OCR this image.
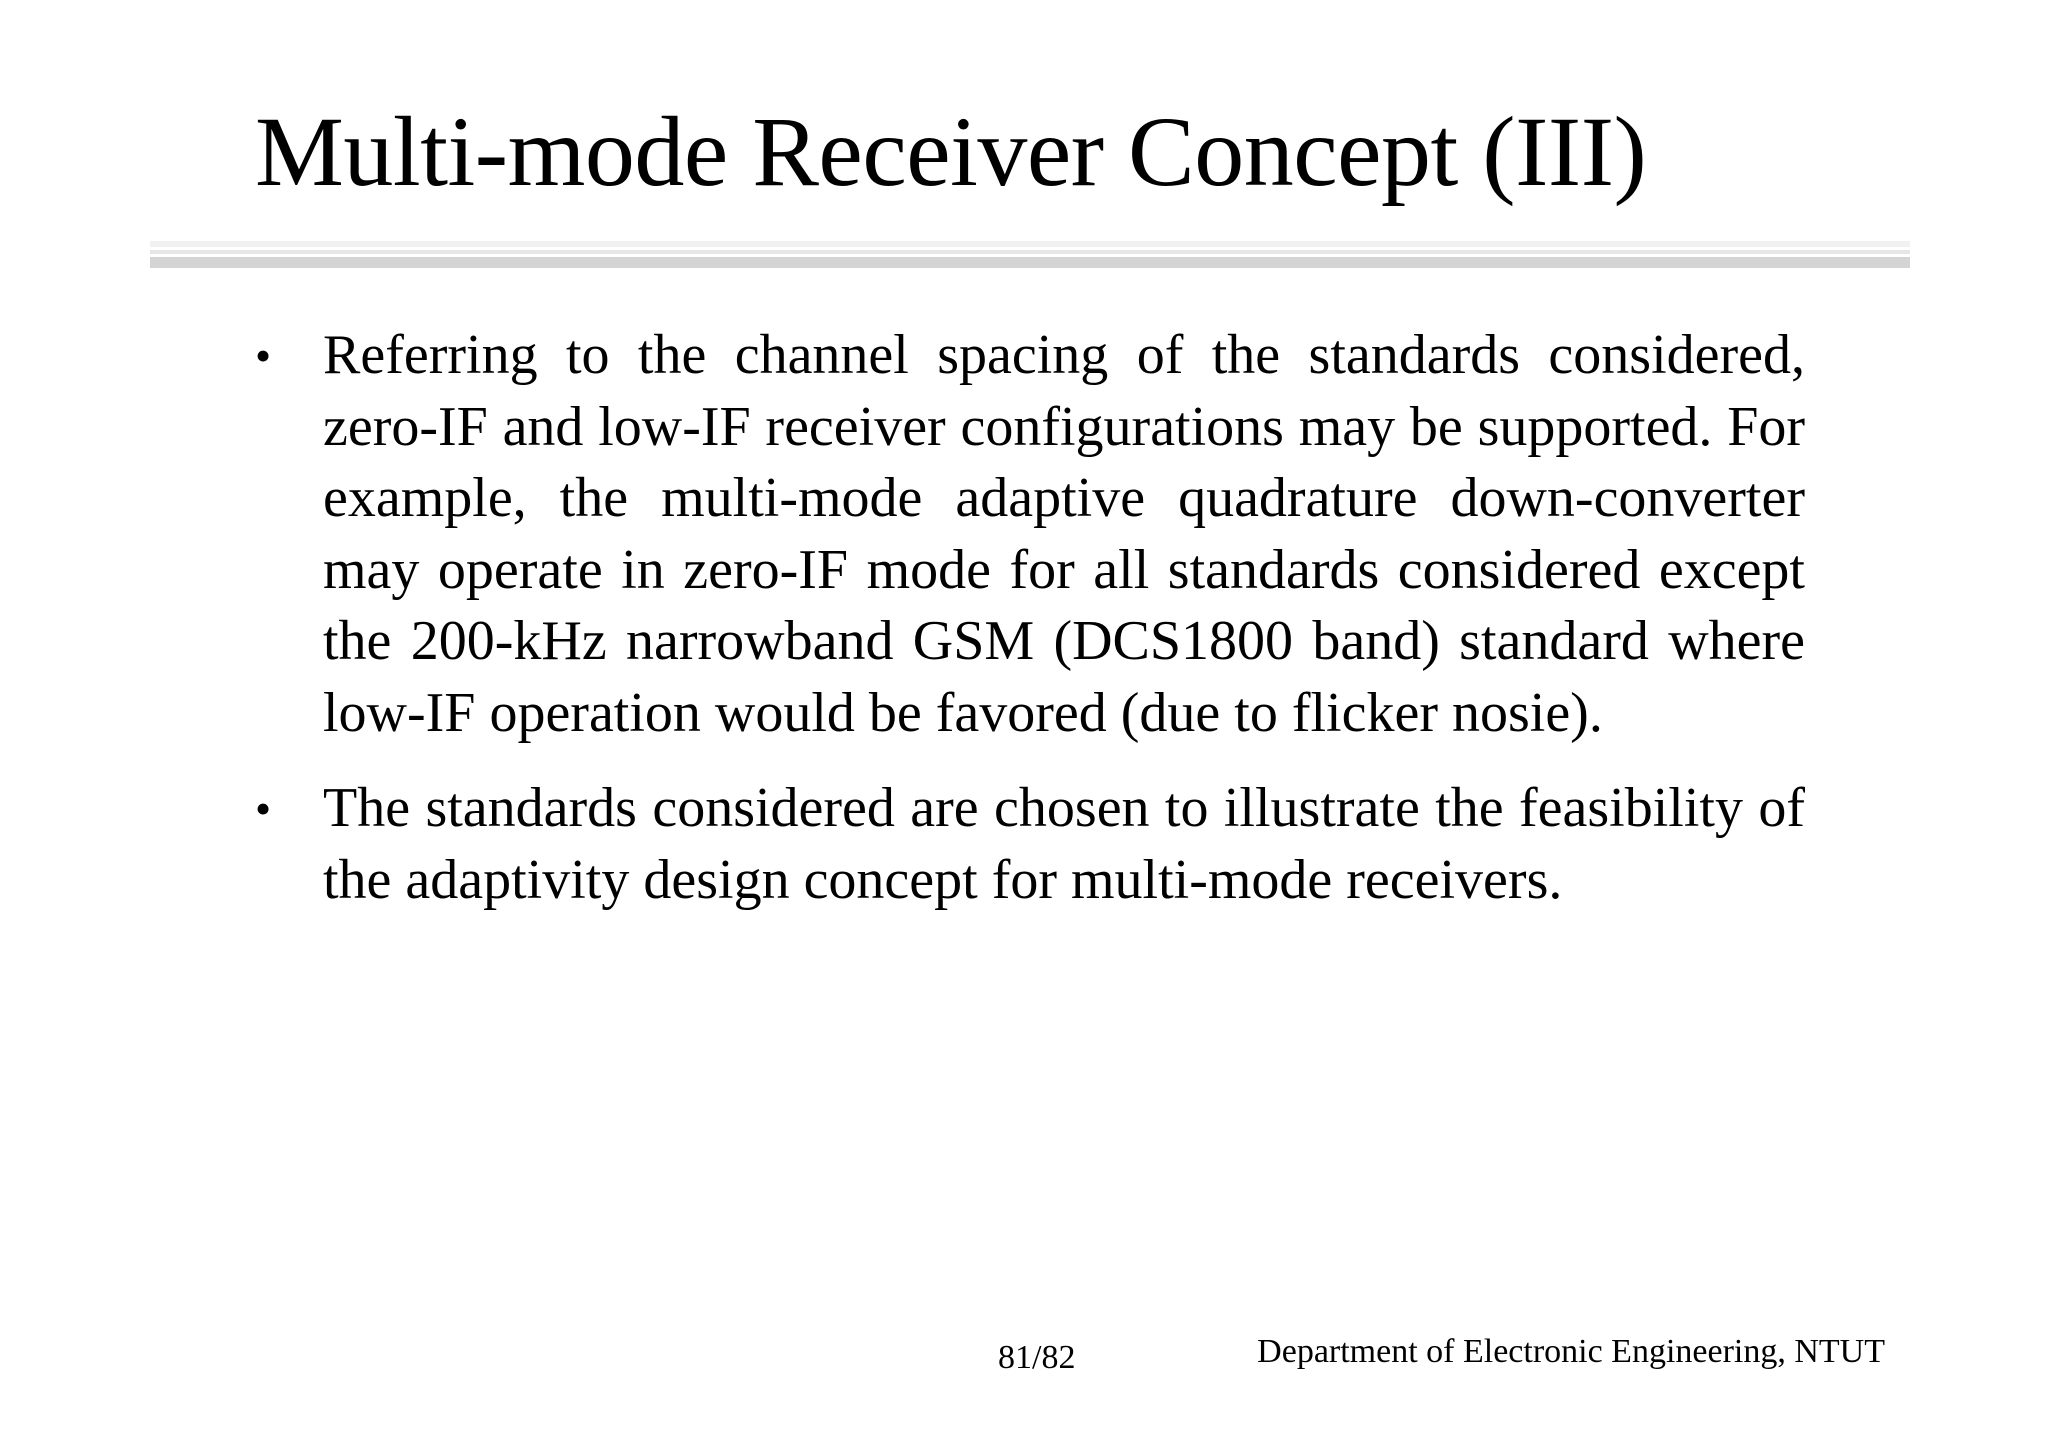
Multi-mode Receiver Concept (III)
• Referring to the channel spacing of the standards considered, zero-IF and low-IF receiver configurations may be supported. For example, the multi-mode adaptive quadrature down-converter may operate in zero-IF mode for all standards considered except the 200-kHz narrowband GSM (DCS1800 band) standard where low-IF operation would be favored (due to flicker nosie).
• The standards considered are chosen to illustrate the feasibility of the adaptivity design concept for multi-mode receivers.
81/82	Department of Electronic Engineering, NTUT
